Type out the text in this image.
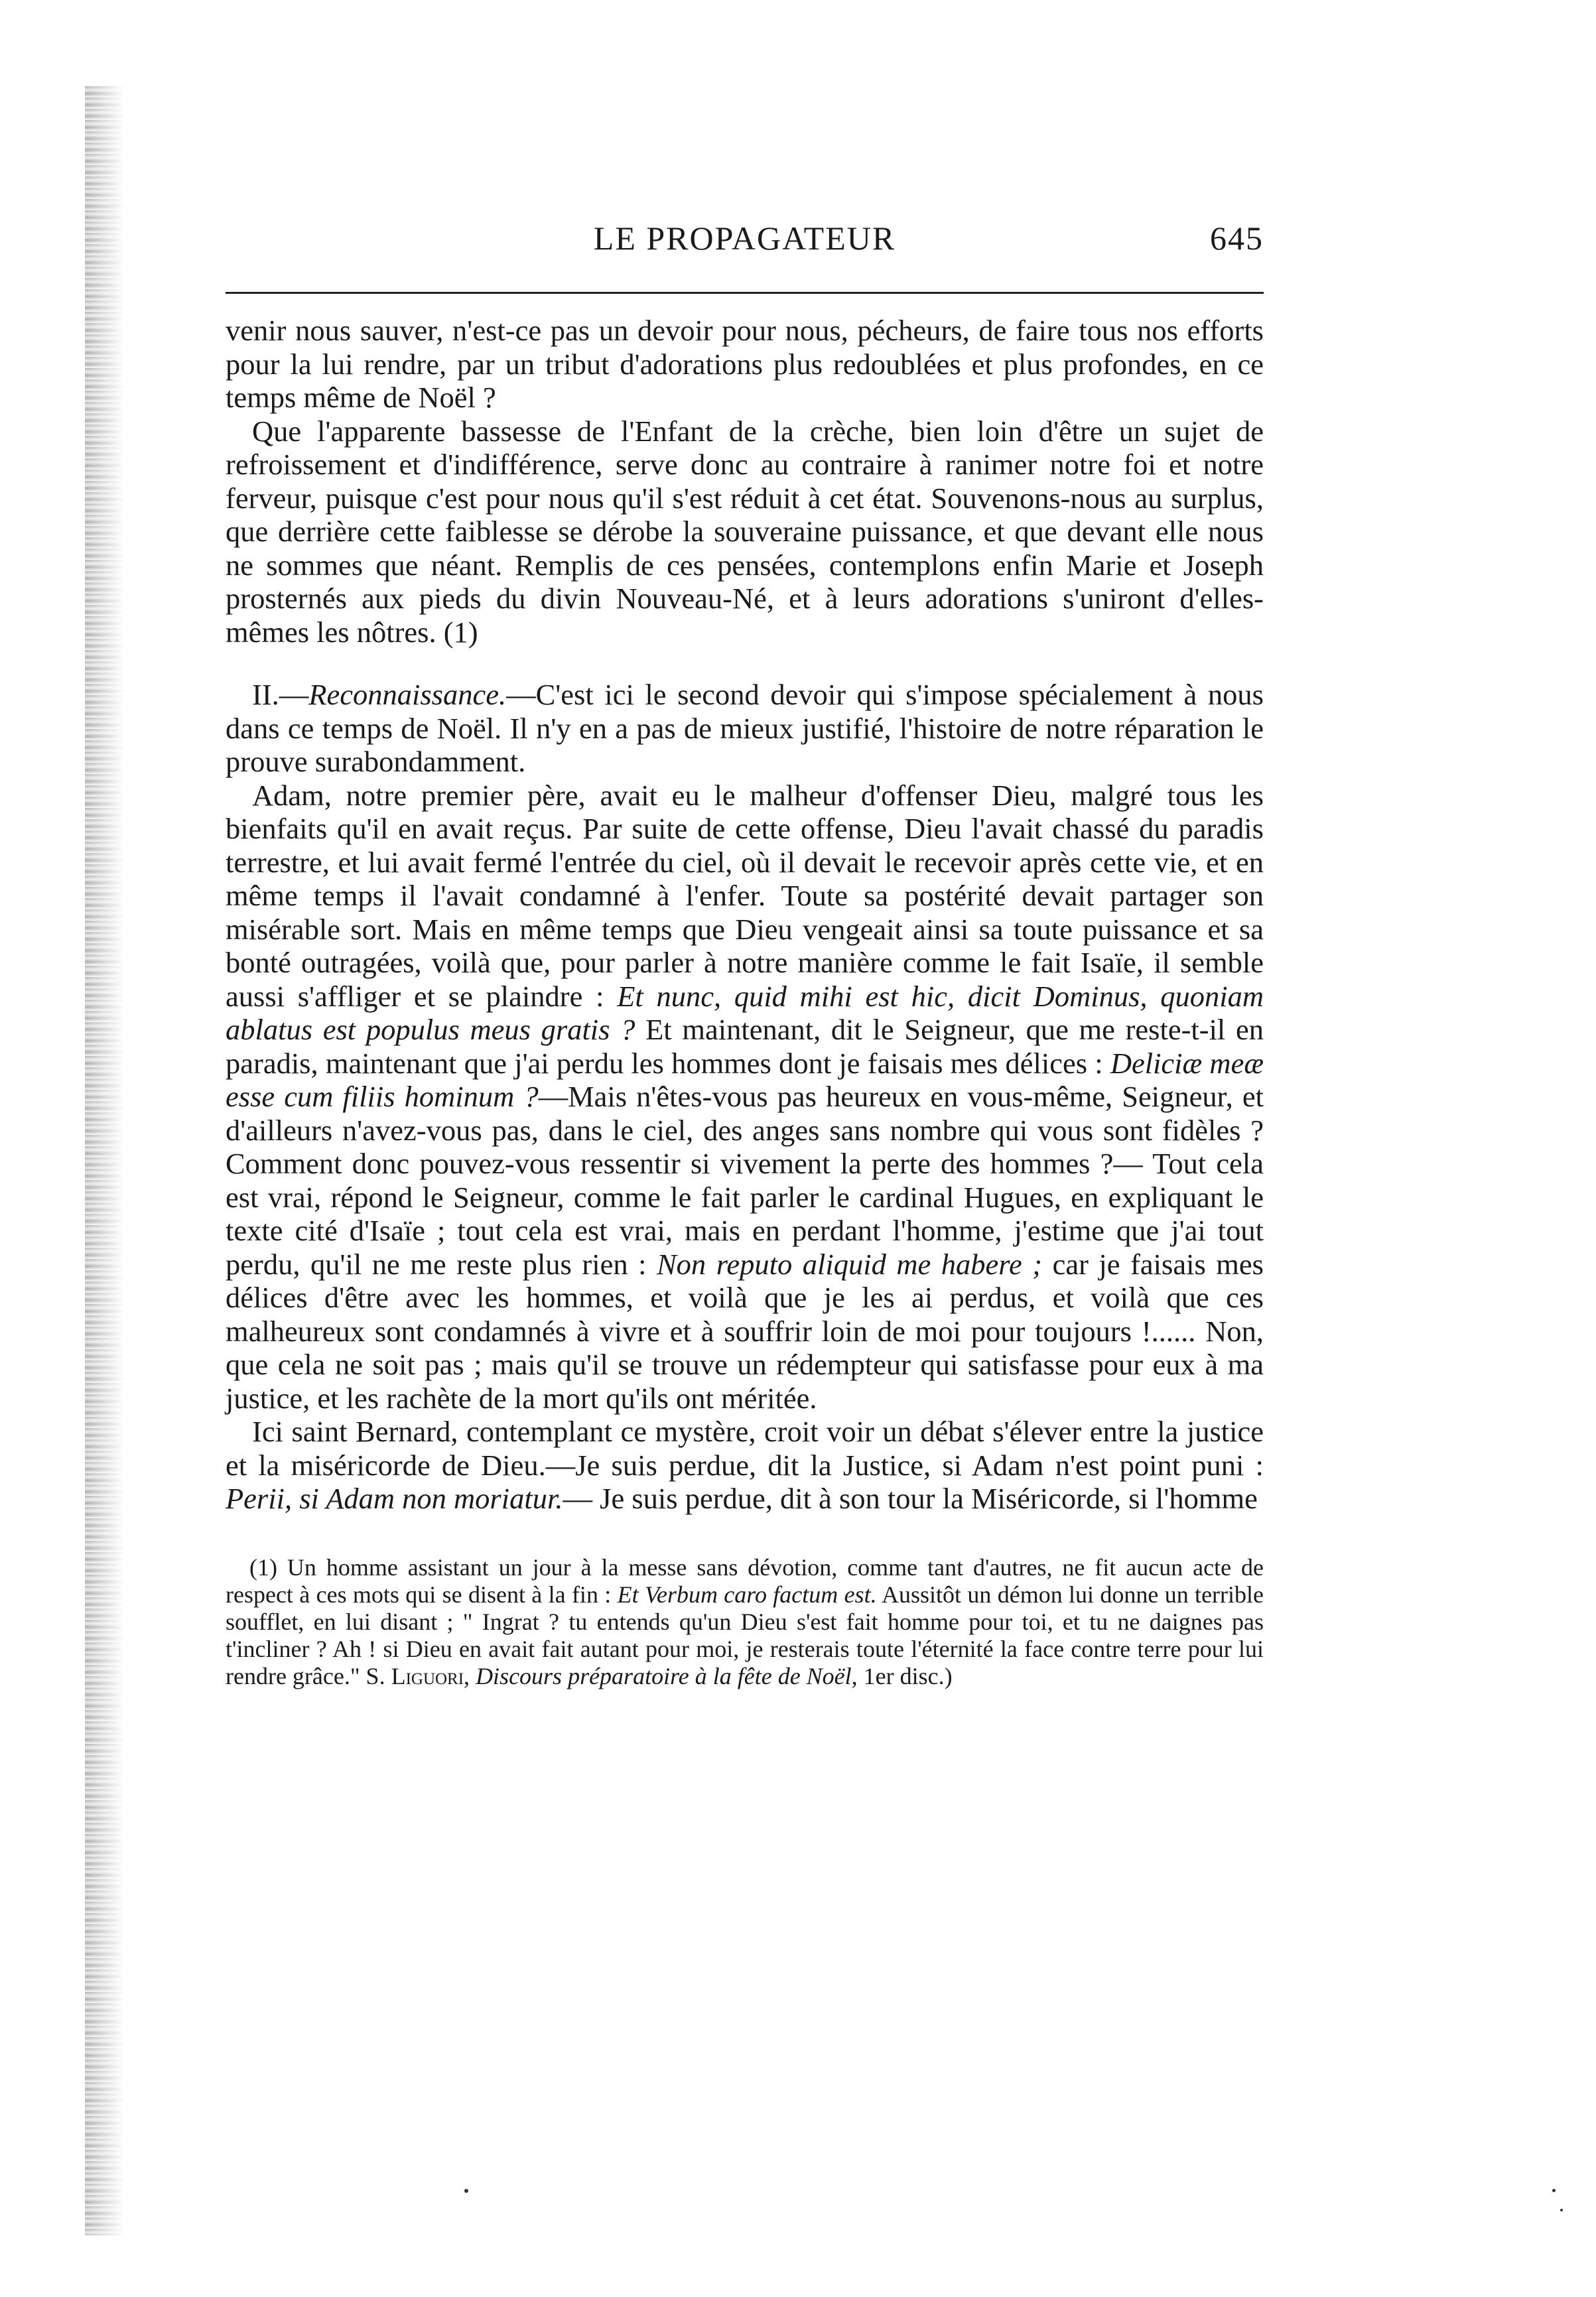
LE PROPAGATEUR	645

venir nous sauver, n'est-ce pas un devoir pour nous, pécheurs, de faire tous nos efforts pour la lui rendre, par un tribut d'adorations plus redoublées et plus profondes, en ce temps même de Noël ?

Que l'apparente bassesse de l'Enfant de la crèche, bien loin d'être un sujet de refroissement et d'indifférence, serve donc au contraire à ranimer notre foi et notre ferveur, puisque c'est pour nous qu'il s'est réduit à cet état. Souvenons-nous au surplus, que derrière cette faiblesse se dérobe la souveraine puissance, et que devant elle nous ne sommes que néant. Remplis de ces pensées, contemplons enfin Marie et Joseph prosternés aux pieds du divin Nouveau-Né, et à leurs adorations s'uniront d'elles-mêmes les nôtres. (1)

II.—Reconnaissance.—C'est ici le second devoir qui s'impose spécialement à nous dans ce temps de Noël. Il n'y en a pas de mieux justifié, l'histoire de notre réparation le prouve surabondamment.

Adam, notre premier père, avait eu le malheur d'offenser Dieu, malgré tous les bienfaits qu'il en avait reçus. Par suite de cette offense, Dieu l'avait chassé du paradis terrestre, et lui avait fermé l'entrée du ciel, où il devait le recevoir après cette vie, et en même temps il l'avait condamné à l'enfer. Toute sa postérité devait partager son misérable sort. Mais en même temps que Dieu vengeait ainsi sa toute puissance et sa bonté outragées, voilà que, pour parler à notre manière comme le fait Isaïe, il semble aussi s'affliger et se plaindre : Et nunc, quid mihi est hic, dicit Dominus, quoniam ablatus est populus meus gratis ? Et maintenant, dit le Seigneur, que me reste-t-il en paradis, maintenant que j'ai perdu les hommes dont je faisais mes délices : Deliciæ meæ esse cum filiis hominum ?—Mais n'êtes-vous pas heureux en vous-même, Seigneur, et d'ailleurs n'avez-vous pas, dans le ciel, des anges sans nombre qui vous sont fidèles ? Comment donc pouvez-vous ressentir si vivement la perte des hommes ?— Tout cela est vrai, répond le Seigneur, comme le fait parler le cardinal Hugues, en expliquant le texte cité d'Isaïe ; tout cela est vrai, mais en perdant l'homme, j'estime que j'ai tout perdu, qu'il ne me reste plus rien : Non reputo aliquid me habere ; car je faisais mes délices d'être avec les hommes, et voilà que je les ai perdus, et voilà que ces malheureux sont condamnés à vivre et à souffrir loin de moi pour toujours !...... Non, que cela ne soit pas ; mais qu'il se trouve un rédempteur qui satisfasse pour eux à ma justice, et les rachète de la mort qu'ils ont méritée.

Ici saint Bernard, contemplant ce mystère, croit voir un débat s'élever entre la justice et la miséricorde de Dieu.—Je suis perdue, dit la Justice, si Adam n'est point puni : Perii, si Adam non moriatur.— Je suis perdue, dit à son tour la Miséricorde, si l'homme

(1) Un homme assistant un jour à la messe sans dévotion, comme tant d'autres, ne fit aucun acte de respect à ces mots qui se disent à la fin : Et Verbum caro factum est. Aussitôt un démon lui donne un terrible soufflet, en lui disant ; " Ingrat ? tu entends qu'un Dieu s'est fait homme pour toi, et tu ne daignes pas t'incliner ? Ah ! si Dieu en avait fait autant pour moi, je resterais toute l'éternité la face contre terre pour lui rendre grâce." S. Liguori, Discours préparatoire à la fête de Noël, 1er disc.)
